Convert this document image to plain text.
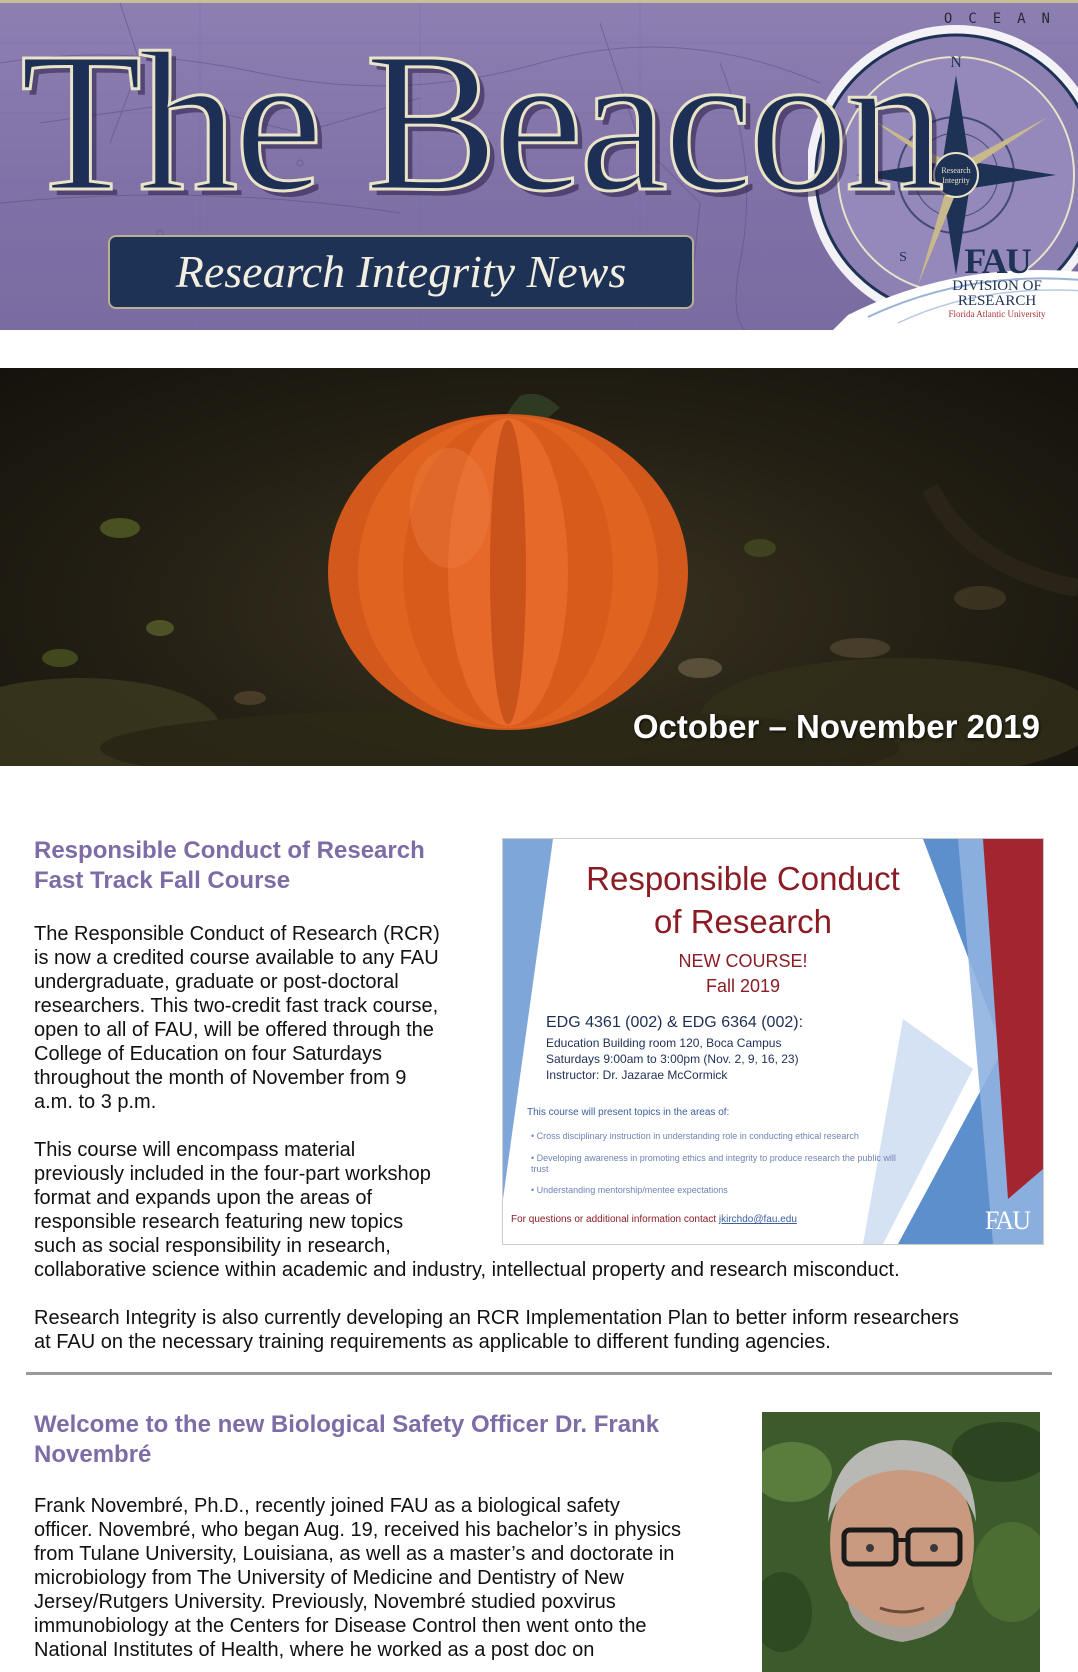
OCEAN
Research
Integrity
N
S
The Beacon
Research Integrity News	FAU
DIVISION OF
RESEARCH
Florida Atlantic University
October – November 2019
Responsible Conduct of Research
Fast Track Fall Course
The Responsible Conduct of Research (RCR)
is now a credited course available to any FAU
undergraduate, graduate or post-doctoral
researchers. This two-credit fast track course,
open to all of FAU, will be offered through the
College of Education on four Saturdays
throughout the month of November from 9
a.m. to 3 p.m.
This course will encompass material
previously included in the four-part workshop
format and expands upon the areas of
responsible research featuring new topics
such as social responsibility in research,
collaborative science within academic and industry, intellectual property and research misconduct.
Research Integrity is also currently developing an RCR Implementation Plan to better inform researchers
at FAU on the necessary training requirements as applicable to different funding agencies.
Responsible Conduct
of Research
NEW COURSE!
Fall 2019
EDG 4361 (002) & EDG 6364 (002):
Education Building room 120, Boca Campus
Saturdays 9:00am to 3:00pm (Nov. 2, 9, 16, 23)
Instructor: Dr. Jazarae McCormick
This course will present topics in the areas of:
• Cross disciplinary instruction in understanding role in conducting ethical research
• Developing awareness in promoting ethics and integrity to produce research the public will trust
• Understanding mentorship/mentee expectations
For questions or additional information contact jkirchdo@fau.edu	FAU
Welcome to the new Biological Safety Officer Dr. Frank
Novembré
Frank Novembré, Ph.D., recently joined FAU as a biological safety
officer. Novembré, who began Aug. 19, received his bachelor’s in physics
from Tulane University, Louisiana, as well as a master’s and doctorate in
microbiology from The University of Medicine and Dentistry of New
Jersey/Rutgers University. Previously, Novembré studied poxvirus
immunobiology at the Centers for Disease Control then went onto the
National Institutes of Health, where he worked as a post doc on
